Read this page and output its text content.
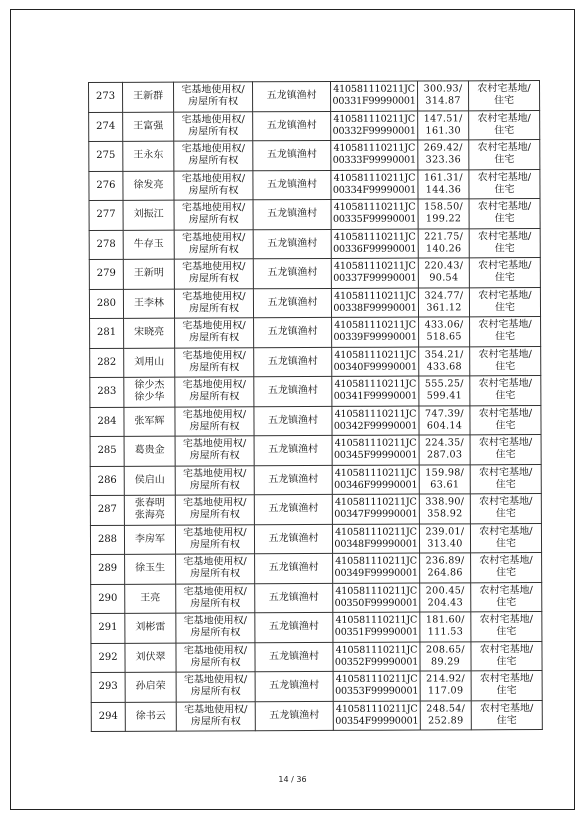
273	王新群	宅基地使用权/
房屋所有权	五龙镇渔村	410581110211JC
00331F99990001	300.93/
314.87	农村宅基地/
住宅

274	王富强	宅基地使用权/
房屋所有权	五龙镇渔村	410581110211JC
00332F99990001	147.51/
161.30	农村宅基地/
住宅

275	王永东	宅基地使用权/
房屋所有权	五龙镇渔村	410581110211JC
00333F99990001	269.42/
323.36	农村宅基地/
住宅

276	徐发亮	宅基地使用权/
房屋所有权	五龙镇渔村	410581110211JC
00334F99990001	161.31/
144.36	农村宅基地/
住宅

277	刘振江	宅基地使用权/
房屋所有权	五龙镇渔村	410581110211JC
00335F99990001	158.50/
199.22	农村宅基地/
住宅

278	牛存玉	宅基地使用权/
房屋所有权	五龙镇渔村	410581110211JC
00336F99990001	221.75/
140.26	农村宅基地/
住宅

279	王新明	宅基地使用权/
房屋所有权	五龙镇渔村	410581110211JC
00337F99990001	220.43/
90.54	农村宅基地/
住宅

280	王李林	宅基地使用权/
房屋所有权	五龙镇渔村	410581110211JC
00338F99990001	324.77/
361.12	农村宅基地/
住宅

281	宋晓亮	宅基地使用权/
房屋所有权	五龙镇渔村	410581110211JC
00339F99990001	433.06/
518.65	农村宅基地/
住宅

282	刘用山	宅基地使用权/
房屋所有权	五龙镇渔村	410581110211JC
00340F99990001	354.21/
433.68	农村宅基地/
住宅

283	徐少杰
徐少华	宅基地使用权/
房屋所有权	五龙镇渔村	410581110211JC
00341F99990001	555.25/
599.41	农村宅基地/
住宅

284	张军辉	宅基地使用权/
房屋所有权	五龙镇渔村	410581110211JC
00342F99990001	747.39/
604.14	农村宅基地/
住宅

285	葛贵金	宅基地使用权/
房屋所有权	五龙镇渔村	410581110211JC
00345F99990001	224.35/
287.03	农村宅基地/
住宅

286	侯启山	宅基地使用权/
房屋所有权	五龙镇渔村	410581110211JC
00346F99990001	159.98/
63.61	农村宅基地/
住宅

287	张春明
张海亮	宅基地使用权/
房屋所有权	五龙镇渔村	410581110211JC
00347F99990001	338.90/
358.92	农村宅基地/
住宅

288	李房军	宅基地使用权/
房屋所有权	五龙镇渔村	410581110211JC
00348F99990001	239.01/
313.40	农村宅基地/
住宅

289	徐玉生	宅基地使用权/
房屋所有权	五龙镇渔村	410581110211JC
00349F99990001	236.89/
264.86	农村宅基地/
住宅

290	王亮	宅基地使用权/
房屋所有权	五龙镇渔村	410581110211JC
00350F99990001	200.45/
204.43	农村宅基地/
住宅

291	刘彬雷	宅基地使用权/
房屋所有权	五龙镇渔村	410581110211JC
00351F99990001	181.60/
111.53	农村宅基地/
住宅

292	刘伏翠	宅基地使用权/
房屋所有权	五龙镇渔村	410581110211JC
00352F99990001	208.65/
89.29	农村宅基地/
住宅

293	孙启荣	宅基地使用权/
房屋所有权	五龙镇渔村	410581110211JC
00353F99990001	214.92/
117.09	农村宅基地/
住宅

294	徐书云	宅基地使用权/
房屋所有权	五龙镇渔村	410581110211JC
00354F99990001	248.54/
252.89	农村宅基地/
住宅
14 / 36
